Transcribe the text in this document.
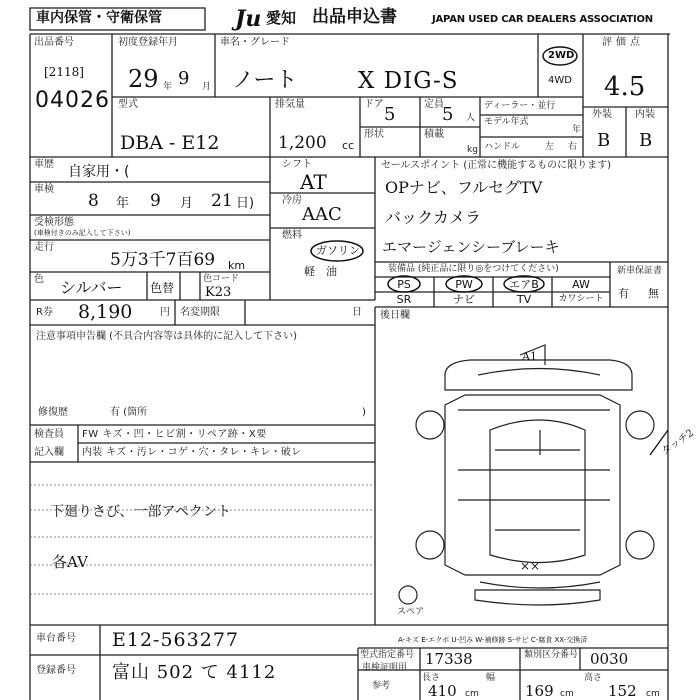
車内保管・守衛保管	Ju 愛知 出品申込書	JAPAN USED CAR DEALERS ASSOCIATION
出品番号
[2118]
04026
初度登録年月
29 年 9 月
車名・グレード
ノート	X DIG-S
2WD
4WD
評価点
4.5
外装 内装
B B
型式
DBA - E12
排気量
1,200 cc
ドア 5	定員
5 人
形状	積載
kg
ディーラー・並行
モデル年式
年
ハンドル	左 右
車歴 自家用・(
車検
8 年 9 月 21 日)
受検形態
(車検付きのみ記入して下さい)
走行
5万3千7百69 km
色 シルバー 色替
色コード
K23
シフト
AT
冷房
AAC
燃料
ガソリン
軽　油
セールスポイント (正常に機能するものに限ります)
OPナビ、フルセグTV
バックカメラ
エマージェンシーブレーキ
装備品 (純正品に限り◎をつけてください)
PS	PW	エアB	AW
SR	ナビ	TV	カワシート
新車保証書
有 無
後日欄
R券 8,190	円 名変期限	日
注意事項申告欄 (不具合内容等は具体的に記入して下さい)
修復歴	有 (箇所	)
検査員
記入欄
FW キズ・凹・ヒビ割・リペア跡・X要
内装 キズ・汚レ・コゲ・穴・タレ・キレ・破レ
下廻りさび、一部アペクント
各AV
A1
××
タッチ2
スペア
A-キズ E-エクボ U-凹み W-補修跡 S-サビ C-腐食 XX-交換済
車台番号 E12-563277
登録番号 富山 502 て 4112	車検証明用
参考
型式指定番号 17338	類別区分番号 0030
長さ
410 cm
幅
169 cm
高さ
152 cm
